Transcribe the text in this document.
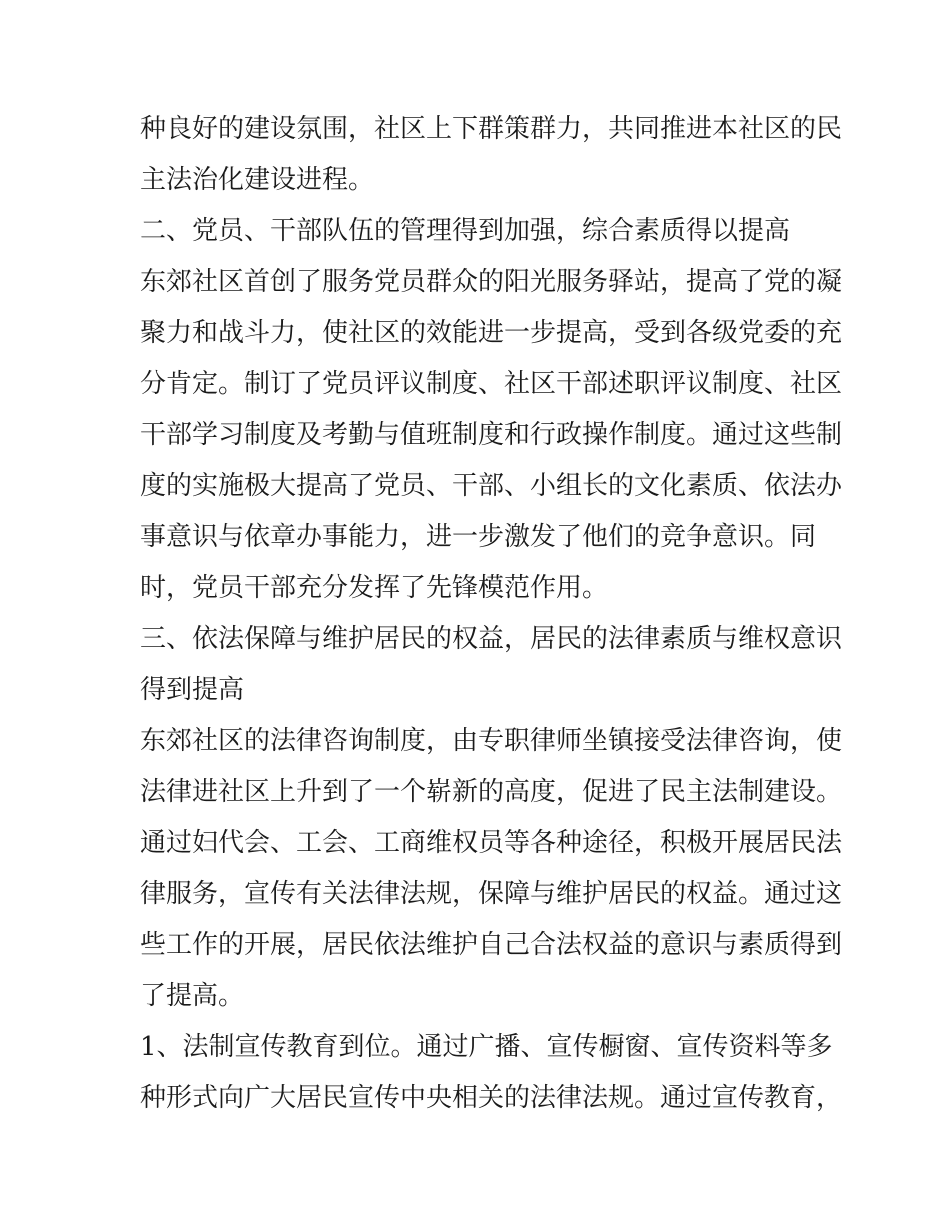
种良好的建设氛围，社区上下群策群力，共同推进本社区的民
主法治化建设进程。
二、党员、干部队伍的管理得到加强，综合素质得以提高
东郊社区首创了服务党员群众的阳光服务驿站，提高了党的凝
聚力和战斗力，使社区的效能进一步提高，受到各级党委的充
分肯定。制订了党员评议制度、社区干部述职评议制度、社区
干部学习制度及考勤与值班制度和行政操作制度。通过这些制
度的实施极大提高了党员、干部、小组长的文化素质、依法办
事意识与依章办事能力，进一步激发了他们的竞争意识。同
时，党员干部充分发挥了先锋模范作用。
三、依法保障与维护居民的权益，居民的法律素质与维权意识
得到提高
东郊社区的法律咨询制度，由专职律师坐镇接受法律咨询，使
法律进社区上升到了一个崭新的高度，促进了民主法制建设。
通过妇代会、工会、工商维权员等各种途径，积极开展居民法
律服务，宣传有关法律法规，保障与维护居民的权益。通过这
些工作的开展，居民依法维护自己合法权益的意识与素质得到
了提高。
1、法制宣传教育到位。通过广播、宣传橱窗、宣传资料等多
种形式向广大居民宣传中央相关的法律法规。通过宣传教育，
